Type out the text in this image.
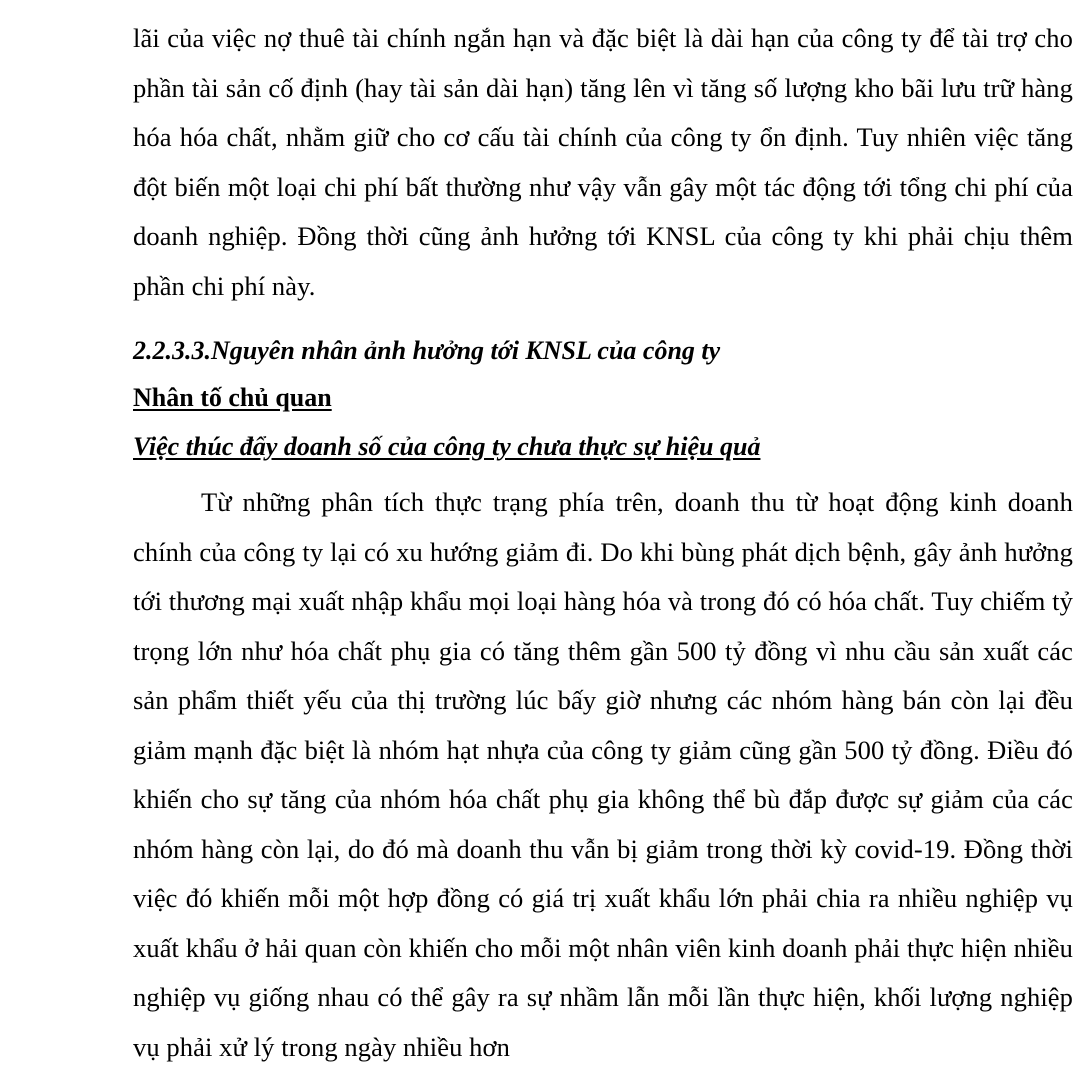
lãi của việc nợ thuê tài chính ngắn hạn và đặc biệt là dài hạn của công ty để tài trợ cho phần tài sản cố định (hay tài sản dài hạn) tăng lên vì tăng số lượng kho bãi lưu trữ hàng hóa hóa chất, nhằm giữ cho cơ cấu tài chính của công ty ổn định. Tuy nhiên việc tăng đột biến một loại chi phí bất thường như vậy vẫn gây một tác động tới tổng chi phí của doanh nghiệp. Đồng thời cũng ảnh hưởng tới KNSL của công ty khi phải chịu thêm phần chi phí này.

2.2.3.3.Nguyên nhân ảnh hưởng tới KNSL của công ty

Nhân tố chủ quan

Việc thúc đẩy doanh số của công ty chưa thực sự hiệu quả

Từ những phân tích thực trạng phía trên, doanh thu từ hoạt động kinh doanh chính của công ty lại có xu hướng giảm đi. Do khi bùng phát dịch bệnh, gây ảnh hưởng tới thương mại xuất nhập khẩu mọi loại hàng hóa và trong đó có hóa chất. Tuy chiếm tỷ trọng lớn như hóa chất phụ gia có tăng thêm gần 500 tỷ đồng vì nhu cầu sản xuất các sản phẩm thiết yếu của thị trường lúc bấy giờ nhưng các nhóm hàng bán còn lại đều giảm mạnh đặc biệt là nhóm hạt nhựa của công ty giảm cũng gần 500 tỷ đồng. Điều đó khiến cho sự tăng của nhóm hóa chất phụ gia không thể bù đắp được sự giảm của các nhóm hàng còn lại, do đó mà doanh thu vẫn bị giảm trong thời kỳ covid-19. Đồng thời việc đó khiến mỗi một hợp đồng có giá trị xuất khẩu lớn phải chia ra nhiều nghiệp vụ xuất khẩu ở hải quan còn khiến cho mỗi một nhân viên kinh doanh phải thực hiện nhiều nghiệp vụ giống nhau có thể gây ra sự nhầm lẫn mỗi lần thực hiện, khối lượng nghiệp vụ phải xử lý trong ngày nhiều hơn
